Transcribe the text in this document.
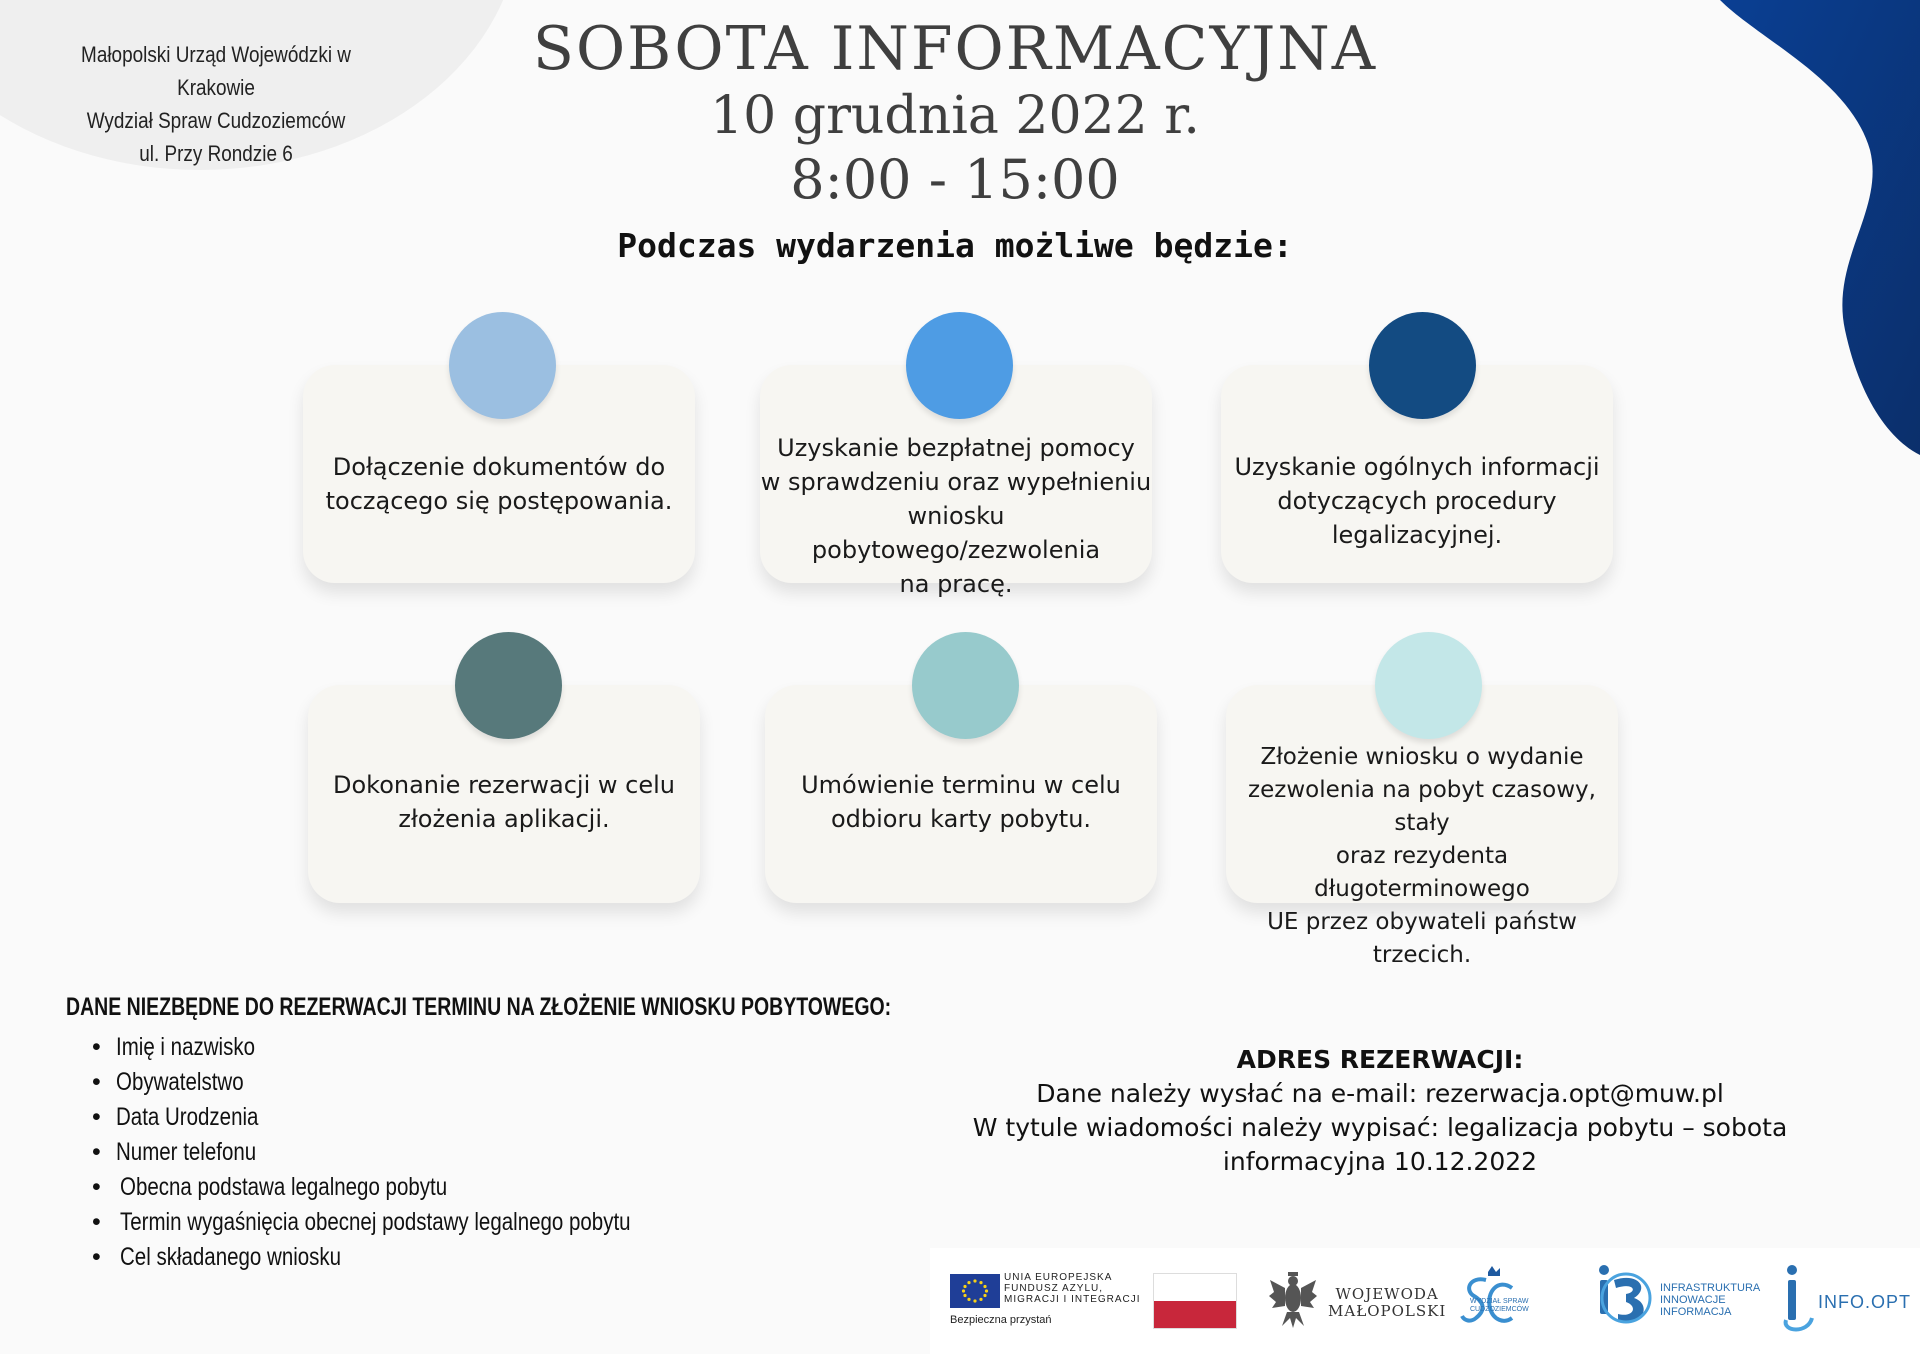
Małopolski Urząd Wojewódzki w Krakowie
Wydział Spraw Cudzoziemców
ul. Przy Rondzie 6
SOBOTA INFORMACYJNA
10 grudnia 2022 r.
8:00 - 15:00
Podczas wydarzenia możliwe będzie:
Dołączenie dokumentów do
toczącego się postępowania.
Uzyskanie bezpłatnej pomocy
w sprawdzeniu oraz wypełnieniu
wniosku pobytowego/zezwolenia
na pracę.
Uzyskanie ogólnych informacji
dotyczących procedury
legalizacyjnej.
Dokonanie rezerwacji w celu
złożenia aplikacji.
Umówienie terminu w celu
odbioru karty pobytu.
Złożenie wniosku o wydanie
zezwolenia na pobyt czasowy, stały
oraz rezydenta długoterminowego
UE przez obywateli państw
trzecich.
DANE NIEZBĘDNE DO REZERWACJI TERMINU NA ZŁOŻENIE WNIOSKU POBYTOWEGO:
• Imię i nazwisko
• Obywatelstwo
• Data Urodzenia
• Numer telefonu
• Obecna podstawa legalnego pobytu
• Termin wygaśnięcia obecnej podstawy legalnego pobytu
• Cel składanego wniosku
ADRES REZERWACJI:
Dane należy wysłać na e-mail: rezerwacja.opt@muw.pl
W tytule wiadomości należy wypisać: legalizacja pobytu – sobota
informacyjna 10.12.2022
UNIA EUROPEJSKA
FUNDUSZ AZYLU,
MIGRACJI I INTEGRACJI
Bezpieczna przystań
WOJEWODA
MAŁOPOLSKI
WYDZIAŁ SPRAW
CUDZOZIEMCÓW
INFRASTRUKTURA
INNOWACJE
INFORMACJA	INFO.OPT
